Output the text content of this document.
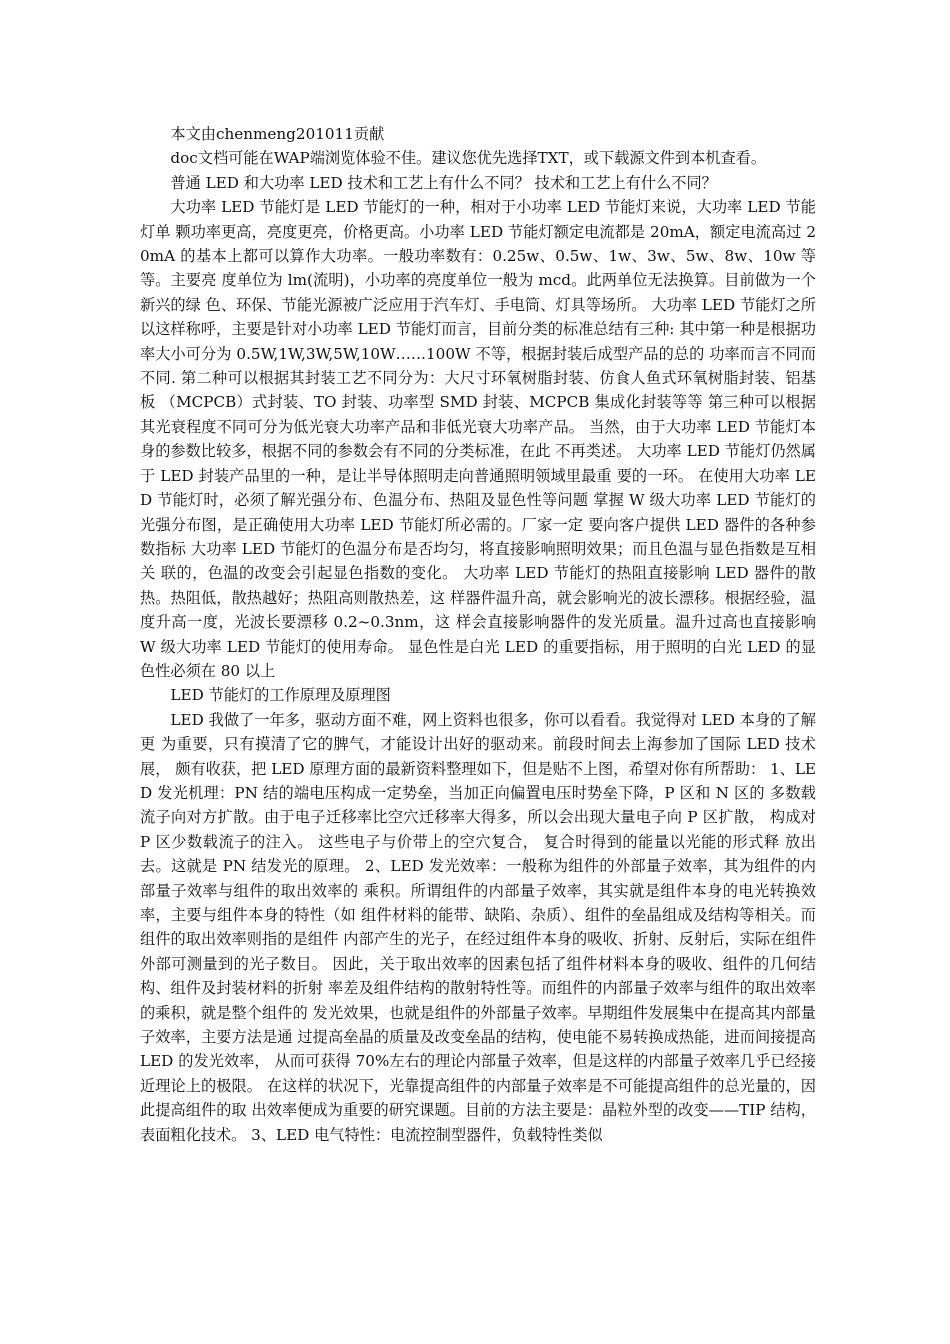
本文由chenmeng201011贡献

doc文档可能在WAP端浏览体验不佳。建议您优先选择TXT，或下载源文件到本机查看。

普通 LED 和大功率 LED 技术和工艺上有什么不同？ 技术和工艺上有什么不同？

大功率 LED 节能灯是 LED 节能灯的一种，相对于小功率 LED 节能灯来说，大功率 LED 节能灯单 颗功率更高，亮度更亮，价格更高。小功率 LED 节能灯额定电流都是 20mA，额定电流高过 20mA 的基本上都可以算作大功率。一般功率数有：0.25w、0.5w、1w、3w、5w、8w、10w 等等。主要亮 度单位为 lm(流明)，小功率的亮度单位一般为 mcd。此两单位无法换算。目前做为一个新兴的绿 色、环保、节能光源被广泛应用于汽车灯、手电筒、灯具等场所。 大功率 LED 节能灯之所以这样称呼，主要是针对小功率 LED 节能灯而言，目前分类的标准总结有三种: 其中第一种是根据功率大小可分为 0.5W,1W,3W,5W,10W……100W 不等，根据封装后成型产品的总的 功率而言不同而不同. 第二种可以根据其封装工艺不同分为：大尺寸环氧树脂封装、仿食人鱼式环氧树脂封装、铝基板 （MCPCB）式封装、TO 封装、功率型 SMD 封装、MCPCB 集成化封装等等 第三种可以根据其光衰程度不同可分为低光衰大功率产品和非低光衰大功率产品。 当然，由于大功率 LED 节能灯本身的参数比较多，根据不同的参数会有不同的分类标准，在此 不再类述。 大功率 LED 节能灯仍然属于 LED 封装产品里的一种，是让半导体照明走向普通照明领域里最重 要的一环。 在使用大功率 LED 节能灯时，必须了解光强分布、色温分布、热阻及显色性等问题 掌握 W 级大功率 LED 节能灯的光强分布图，是正确使用大功率 LED 节能灯所必需的。厂家一定 要向客户提供 LED 器件的各种参数指标 大功率 LED 节能灯的色温分布是否均匀，将直接影响照明效果；而且色温与显色指数是互相关 联的，色温的改变会引起显色指数的变化。 大功率 LED 节能灯的热阻直接影响 LED 器件的散热。热阻低，散热越好；热阻高则散热差，这 样器件温升高，就会影响光的波长漂移。根据经验，温度升高一度，光波长要漂移 0.2~0.3nm，这 样会直接影响器件的发光质量。温升过高也直接影响 W 级大功率 LED 节能灯的使用寿命。 显色性是白光 LED 的重要指标，用于照明的白光 LED 的显色性必须在 80 以上

LED 节能灯的工作原理及原理图

LED 我做了一年多，驱动方面不难，网上资料也很多，你可以看看。我觉得对 LED 本身的了解更 为重要，只有摸清了它的脾气，才能设计出好的驱动来。前段时间去上海参加了国际 LED 技术展， 颇有收获，把 LED 原理方面的最新资料整理如下，但是贴不上图，希望对你有所帮助： 1、LED 发光机理：PN 结的端电压构成一定势垒，当加正向偏置电压时势垒下降，P 区和 N 区的 多数载流子向对方扩散。由于电子迁移率比空穴迁移率大得多，所以会出现大量电子向 P 区扩散， 构成对 P 区少数载流子的注入。 这些电子与价带上的空穴复合， 复合时得到的能量以光能的形式释 放出去。这就是 PN 结发光的原理。 2、LED 发光效率：一般称为组件的外部量子效率，其为组件的内部量子效率与组件的取出效率的 乘积。所谓组件的内部量子效率，其实就是组件本身的电光转换效率，主要与组件本身的特性（如 组件材料的能带、缺陷、杂质）、组件的垒晶组成及结构等相关。而组件的取出效率则指的是组件 内部产生的光子，在经过组件本身的吸收、折射、反射后，实际在组件外部可测量到的光子数目。 因此，关于取出效率的因素包括了组件材料本身的吸收、组件的几何结构、组件及封装材料的折射 率差及组件结构的散射特性等。而组件的内部量子效率与组件的取出效率的乘积，就是整个组件的 发光效果，也就是组件的外部量子效率。早期组件发展集中在提高其内部量子效率，主要方法是通 过提高垒晶的质量及改变垒晶的结构，使电能不易转换成热能，进而间接提高 LED 的发光效率， 从而可获得 70%左右的理论内部量子效率，但是这样的内部量子效率几乎已经接近理论上的极限。 在这样的状况下，光靠提高组件的内部量子效率是不可能提高组件的总光量的，因此提高组件的取 出效率便成为重要的研究课题。目前的方法主要是：晶粒外型的改变——TIP 结构，表面粗化技术。 3、LED 电气特性：电流控制型器件，负载特性类似
